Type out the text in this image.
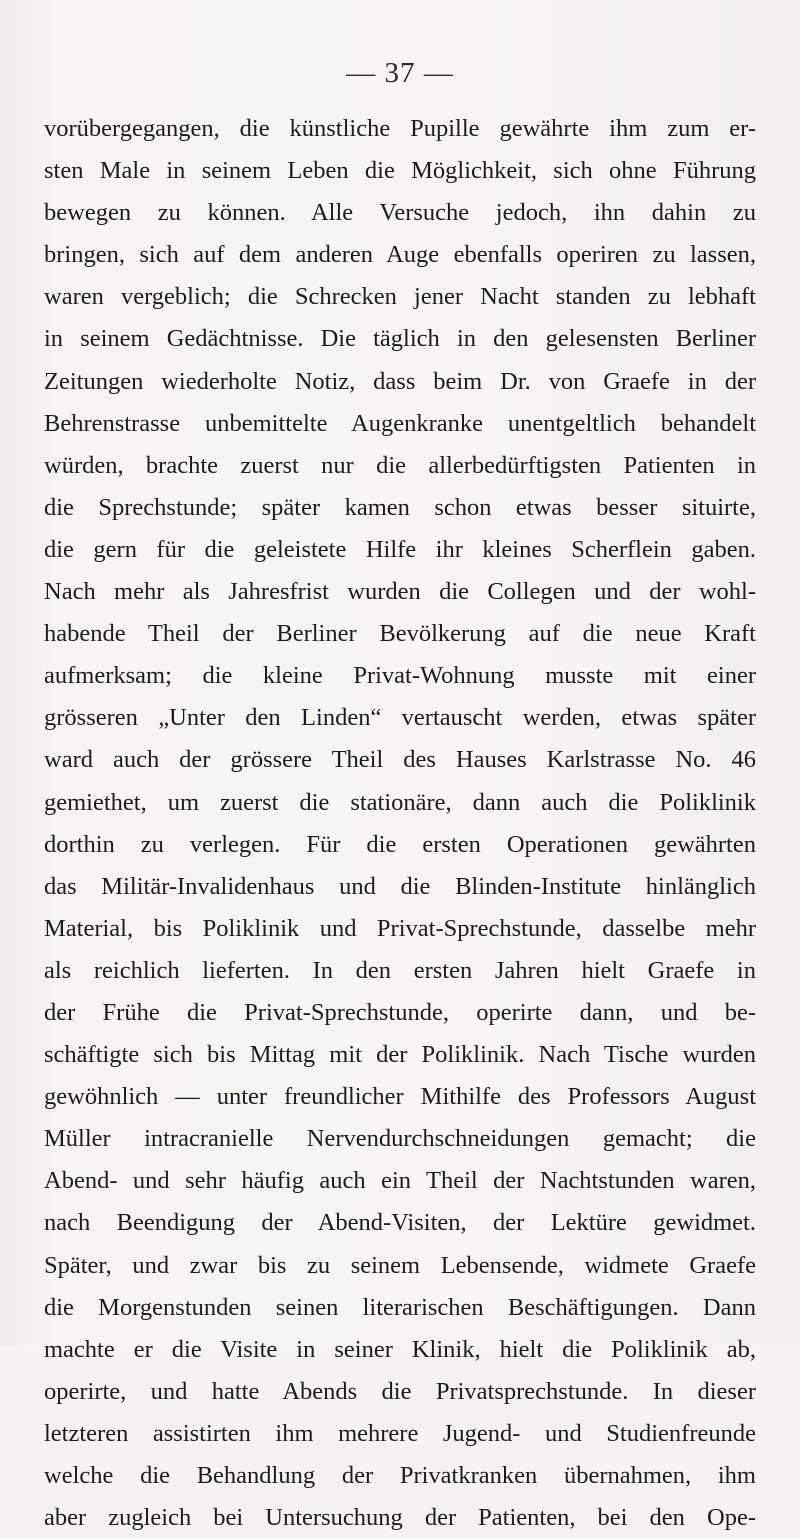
— 37 —
vorübergegangen, die künstliche Pupille gewährte ihm zum er-
sten Male in seinem Leben die Möglichkeit, sich ohne Führung
bewegen zu können. Alle Versuche jedoch, ihn dahin zu
bringen, sich auf dem anderen Auge ebenfalls operiren zu lassen,
waren vergeblich; die Schrecken jener Nacht standen zu lebhaft
in seinem Gedächtnisse. Die täglich in den gelesensten Berliner
Zeitungen wiederholte Notiz, dass beim Dr. von Graefe in der
Behrenstrasse unbemittelte Augenkranke unentgeltlich behandelt
würden, brachte zuerst nur die allerbedürftigsten Patienten in
die Sprechstunde; später kamen schon etwas besser situirte,
die gern für die geleistete Hilfe ihr kleines Scherflein gaben.
Nach mehr als Jahresfrist wurden die Collegen und der wohl-
habende Theil der Berliner Bevölkerung auf die neue Kraft
aufmerksam; die kleine Privat-Wohnung musste mit einer
grösseren „Unter den Linden“ vertauscht werden, etwas später
ward auch der grössere Theil des Hauses Karlstrasse No. 46
gemiethet, um zuerst die stationäre, dann auch die Poliklinik
dorthin zu verlegen. Für die ersten Operationen gewährten
das Militär-Invalidenhaus und die Blinden-Institute hinlänglich
Material, bis Poliklinik und Privat-Sprechstunde, dasselbe mehr
als reichlich lieferten. In den ersten Jahren hielt Graefe in
der Frühe die Privat-Sprechstunde, operirte dann, und be-
schäftigte sich bis Mittag mit der Poliklinik. Nach Tische wurden
gewöhnlich — unter freundlicher Mithilfe des Professors August
Müller intracranielle Nervendurchschneidungen gemacht; die
Abend- und sehr häufig auch ein Theil der Nachtstunden waren,
nach Beendigung der Abend-Visiten, der Lektüre gewidmet.
Später, und zwar bis zu seinem Lebensende, widmete Graefe
die Morgenstunden seinen literarischen Beschäftigungen. Dann
machte er die Visite in seiner Klinik, hielt die Poliklinik ab,
operirte, und hatte Abends die Privatsprechstunde. In dieser
letzteren assistirten ihm mehrere Jugend- und Studienfreunde
welche die Behandlung der Privatkranken übernahmen, ihm
aber zugleich bei Untersuchung der Patienten, bei den Ope-
